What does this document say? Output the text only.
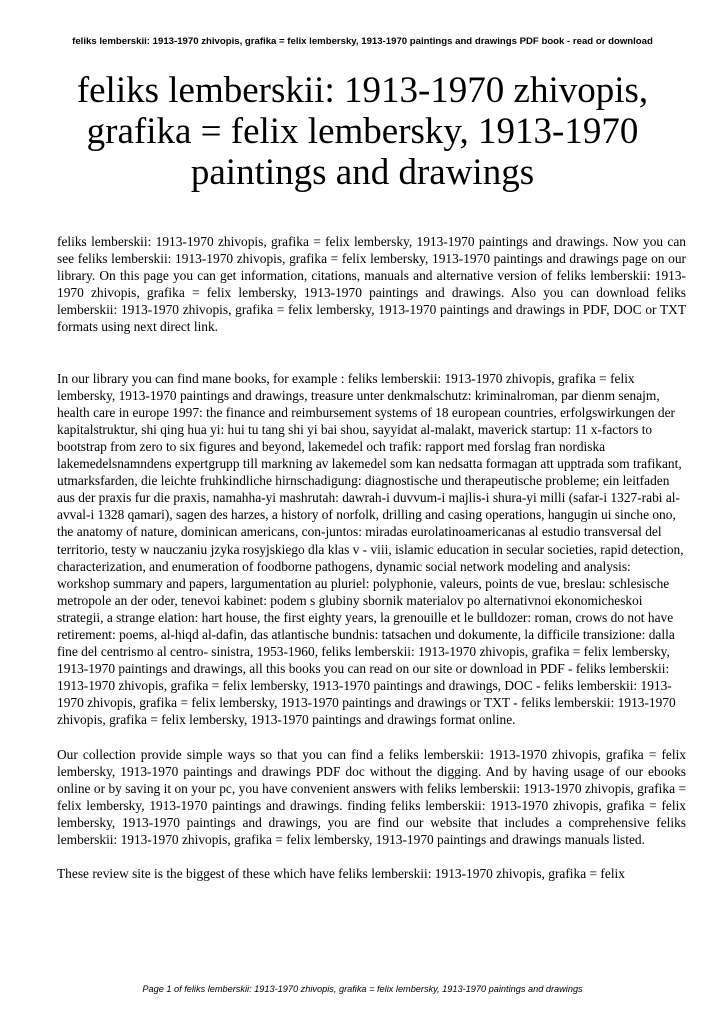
feliks lemberskii: 1913-1970 zhivopis, grafika = felix lembersky, 1913-1970 paintings and drawings PDF book - read or download
feliks lemberskii: 1913-1970 zhivopis, grafika = felix lembersky, 1913-1970 paintings and drawings

feliks lemberskii: 1913-1970 zhivopis, grafika = felix lembersky, 1913-1970 paintings and drawings. Now you can see feliks lemberskii: 1913-1970 zhivopis, grafika = felix lembersky, 1913-1970 paintings and drawings page on our library. On this page you can get information, citations, manuals and alternative version of feliks lemberskii: 1913-1970 zhivopis, grafika = felix lembersky, 1913-1970 paintings and drawings. Also you can download feliks lemberskii: 1913-1970 zhivopis, grafika = felix lembersky, 1913-1970 paintings and drawings in PDF, DOC or TXT formats using next direct link.

In our library you can find mane books, for example : feliks lemberskii: 1913-1970 zhivopis, grafika = felix lembersky, 1913-1970 paintings and drawings, treasure unter denkmalschutz: kriminalroman, par dienm senajm, health care in europe 1997: the finance and reimbursement systems of 18 european countries, erfolgswirkungen der kapitalstruktur, shi qing hua yi: hui tu tang shi yi bai shou, sayyidat al-malakt, maverick startup: 11 x-factors to bootstrap from zero to six figures and beyond, lakemedel och trafik: rapport med forslag fran nordiska lakemedelsnamndens expertgrupp till markning av lakemedel som kan nedsatta formagan att upptrada som trafikant, utmarksfarden, die leichte fruhkindliche hirnschadigung: diagnostische und therapeutische probleme; ein leitfaden aus der praxis fur die praxis, namahha-yi mashrutah: dawrah-i duvvum-i majlis-i shura-yi milli (safar-i 1327-rabi al-avval-i 1328 qamari), sagen des harzes, a history of norfolk, drilling and casing operations, hangugin ui sinche ono, the anatomy of nature, dominican americans, con-juntos: miradas eurolatinoamericanas al estudio transversal del territorio, testy w nauczaniu jzyka rosyjskiego dla klas v - viii, islamic education in secular societies, rapid detection, characterization, and enumeration of foodborne pathogens, dynamic social network modeling and analysis: workshop summary and papers, largumentation au pluriel: polyphonie, valeurs, points de vue, breslau: schlesische metropole an der oder, tenevoi kabinet: podem s glubiny sbornik materialov po alternativnoi ekonomicheskoi strategii, a strange elation: hart house, the first eighty years, la grenouille et le bulldozer: roman, crows do not have retirement: poems, al-hiqd al-dafin, das atlantische bundnis: tatsachen und dokumente, la difficile transizione: dalla fine del centrismo al centro- sinistra, 1953-1960, feliks lemberskii: 1913-1970 zhivopis, grafika = felix lembersky, 1913-1970 paintings and drawings, all this books you can read on our site or download in PDF - feliks lemberskii: 1913-1970 zhivopis, grafika = felix lembersky, 1913-1970 paintings and drawings, DOC - feliks lemberskii: 1913-1970 zhivopis, grafika = felix lembersky, 1913-1970 paintings and drawings or TXT - feliks lemberskii: 1913-1970 zhivopis, grafika = felix lembersky, 1913-1970 paintings and drawings format online.

Our collection provide simple ways so that you can find a feliks lemberskii: 1913-1970 zhivopis, grafika = felix lembersky, 1913-1970 paintings and drawings PDF doc without the digging. And by having usage of our ebooks online or by saving it on your pc, you have convenient answers with feliks lemberskii: 1913-1970 zhivopis, grafika = felix lembersky, 1913-1970 paintings and drawings. finding feliks lemberskii: 1913-1970 zhivopis, grafika = felix lembersky, 1913-1970 paintings and drawings, you are find our website that includes a comprehensive feliks lemberskii: 1913-1970 zhivopis, grafika = felix lembersky, 1913-1970 paintings and drawings manuals listed.

These review site is the biggest of these which have feliks lemberskii: 1913-1970 zhivopis, grafika = felix

Page 1 of feliks lemberskii: 1913-1970 zhivopis, grafika = felix lembersky, 1913-1970 paintings and drawings
